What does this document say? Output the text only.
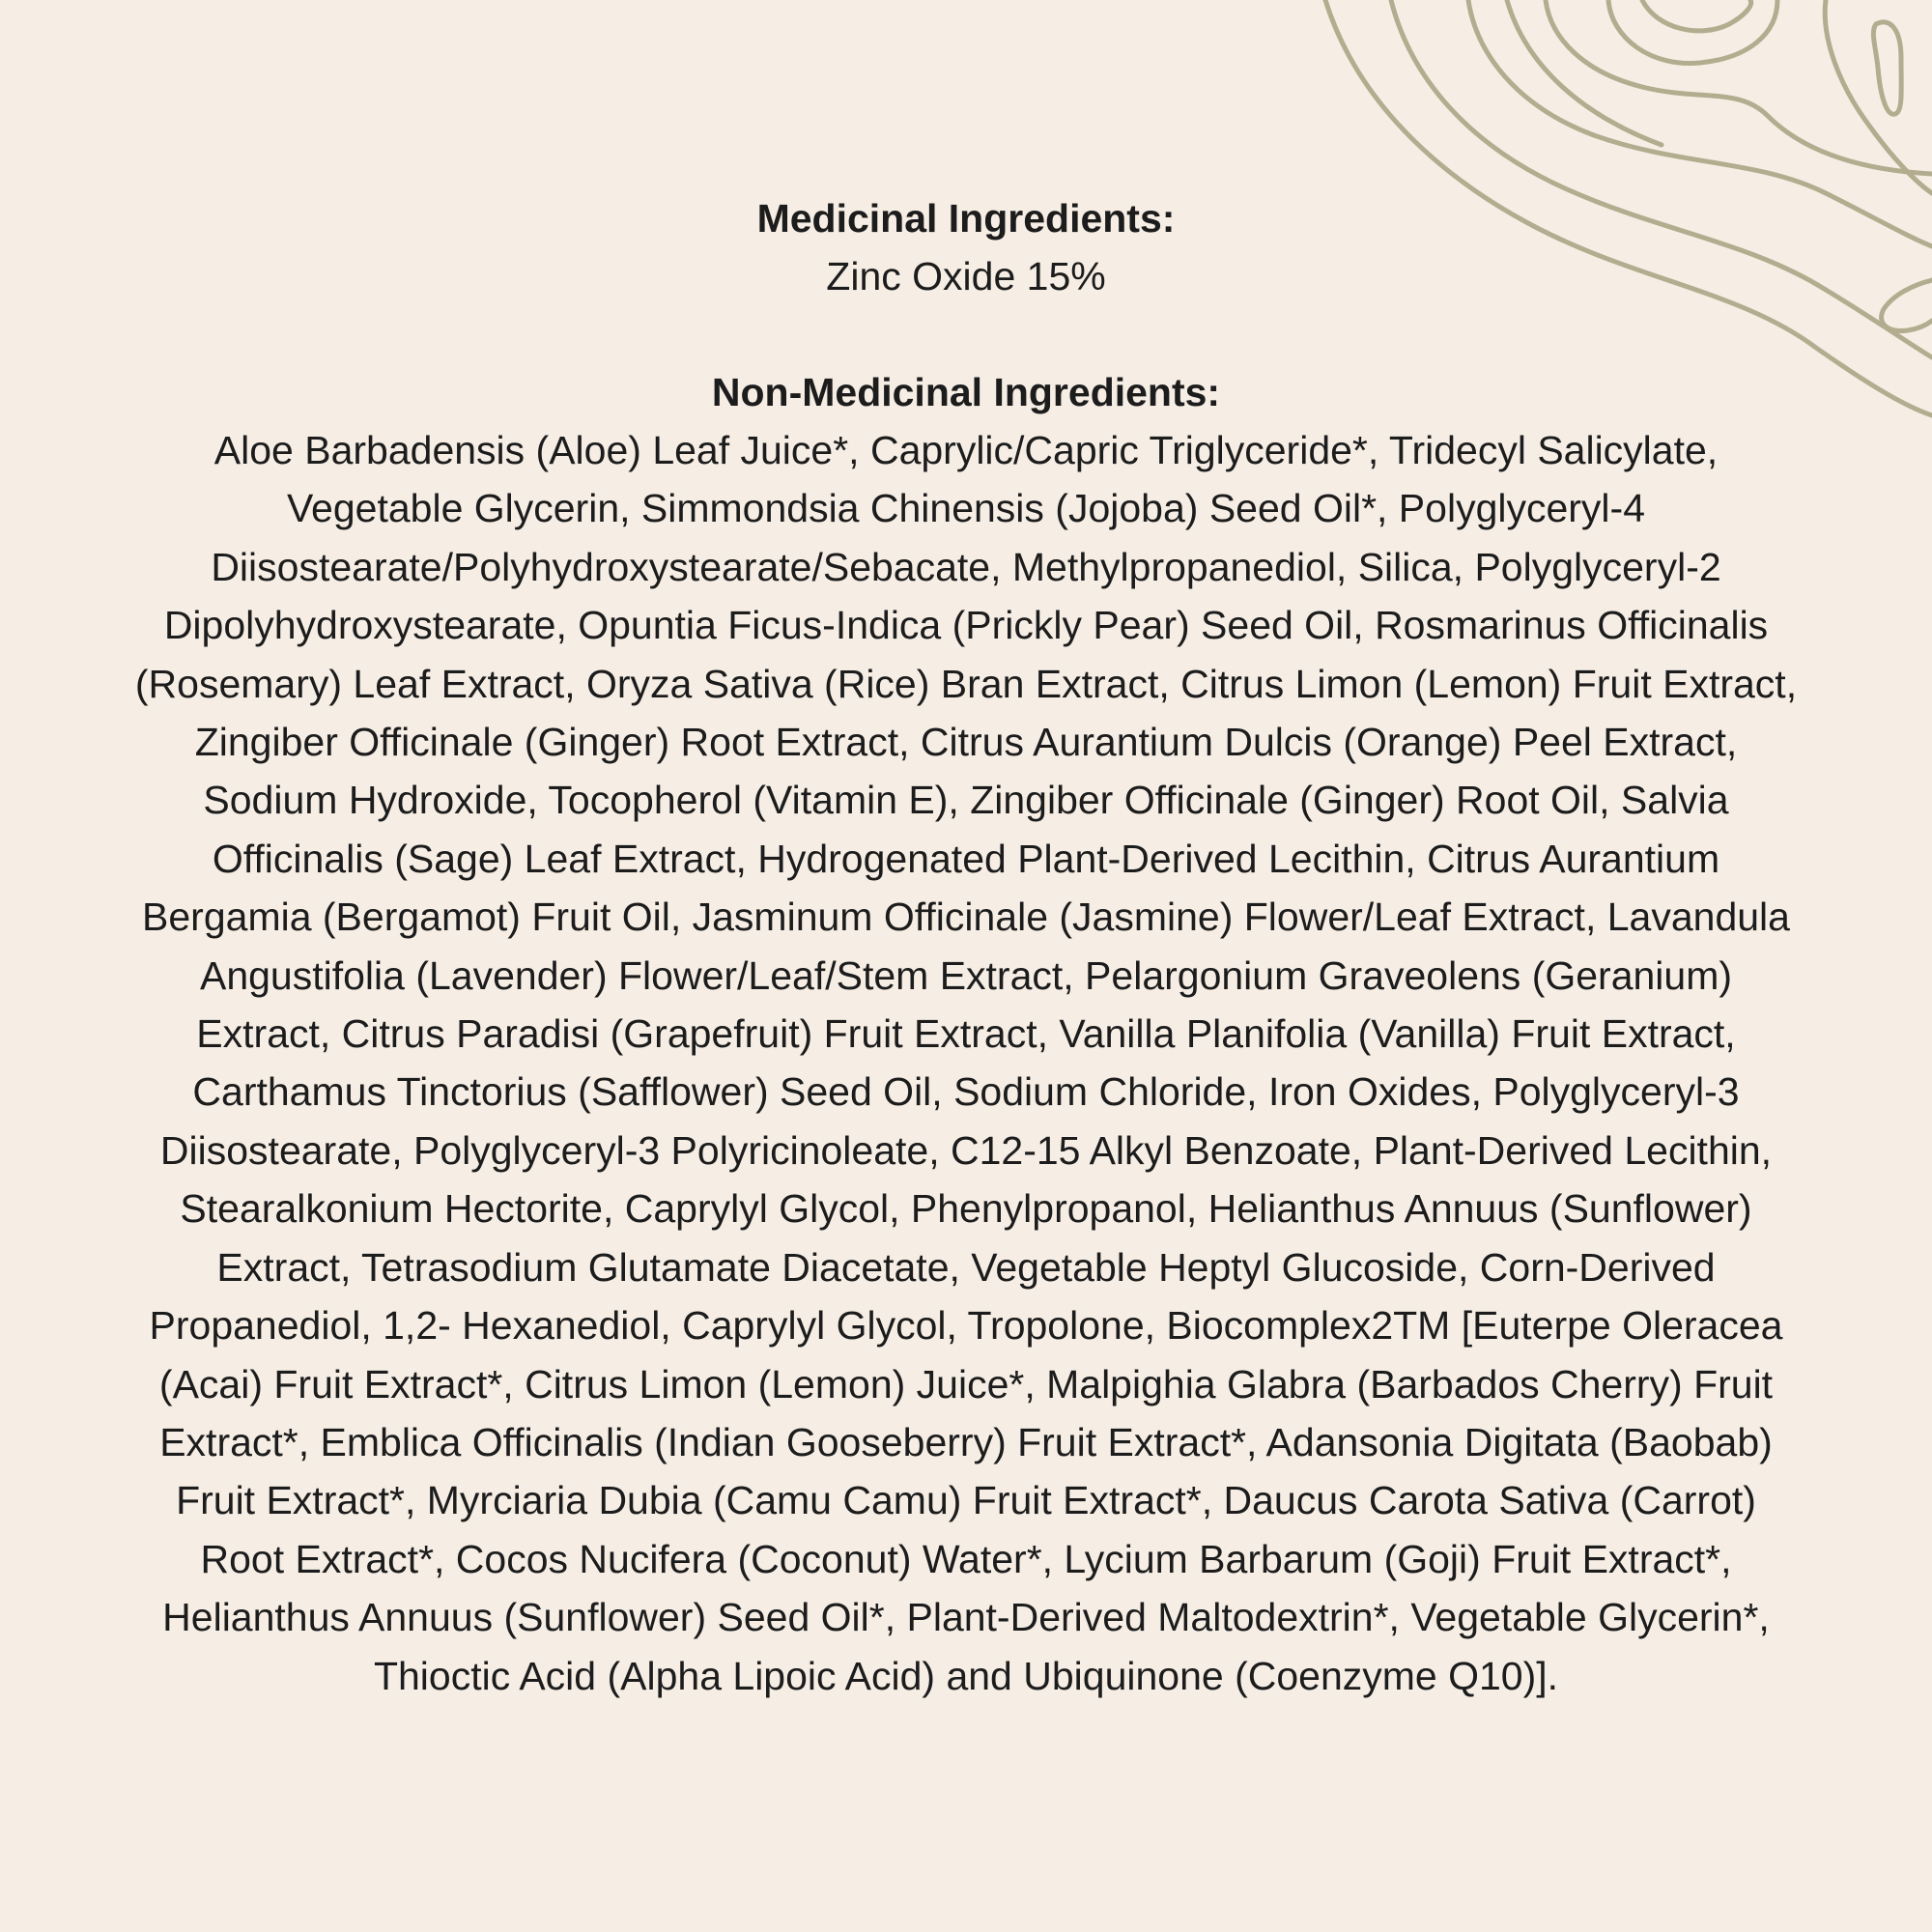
Medicinal Ingredients:

Zinc Oxide 15%

Non-Medicinal Ingredients:

Aloe Barbadensis (Aloe) Leaf Juice*, Caprylic/Capric Triglyceride*, Tridecyl Salicylate,
Vegetable Glycerin, Simmondsia Chinensis (Jojoba) Seed Oil*, Polyglyceryl-4
Diisostearate/Polyhydroxystearate/Sebacate, Methylpropanediol, Silica, Polyglyceryl-2
Dipolyhydroxystearate, Opuntia Ficus-Indica (Prickly Pear) Seed Oil, Rosmarinus Officinalis
(Rosemary) Leaf Extract, Oryza Sativa (Rice) Bran Extract, Citrus Limon (Lemon) Fruit Extract,
Zingiber Officinale (Ginger) Root Extract, Citrus Aurantium Dulcis (Orange) Peel Extract,
Sodium Hydroxide, Tocopherol (Vitamin E), Zingiber Officinale (Ginger) Root Oil, Salvia
Officinalis (Sage) Leaf Extract, Hydrogenated Plant-Derived Lecithin, Citrus Aurantium
Bergamia (Bergamot) Fruit Oil, Jasminum Officinale (Jasmine) Flower/Leaf Extract, Lavandula
Angustifolia (Lavender) Flower/Leaf/Stem Extract, Pelargonium Graveolens (Geranium)
Extract, Citrus Paradisi (Grapefruit) Fruit Extract, Vanilla Planifolia (Vanilla) Fruit Extract,
Carthamus Tinctorius (Safflower) Seed Oil, Sodium Chloride, Iron Oxides, Polyglyceryl-3
Diisostearate, Polyglyceryl-3 Polyricinoleate, C12-15 Alkyl Benzoate, Plant-Derived Lecithin,
Stearalkonium Hectorite, Caprylyl Glycol, Phenylpropanol, Helianthus Annuus (Sunflower)
Extract, Tetrasodium Glutamate Diacetate, Vegetable Heptyl Glucoside, Corn-Derived
Propanediol, 1,2- Hexanediol, Caprylyl Glycol, Tropolone, Biocomplex2TM [Euterpe Oleracea
(Acai) Fruit Extract*, Citrus Limon (Lemon) Juice*, Malpighia Glabra (Barbados Cherry) Fruit
Extract*, Emblica Officinalis (Indian Gooseberry) Fruit Extract*, Adansonia Digitata (Baobab)
Fruit Extract*, Myrciaria Dubia (Camu Camu) Fruit Extract*, Daucus Carota Sativa (Carrot)
Root Extract*, Cocos Nucifera (Coconut) Water*, Lycium Barbarum (Goji) Fruit Extract*,
Helianthus Annuus (Sunflower) Seed Oil*, Plant-Derived Maltodextrin*, Vegetable Glycerin*,
Thioctic Acid (Alpha Lipoic Acid) and Ubiquinone (Coenzyme Q10)].
